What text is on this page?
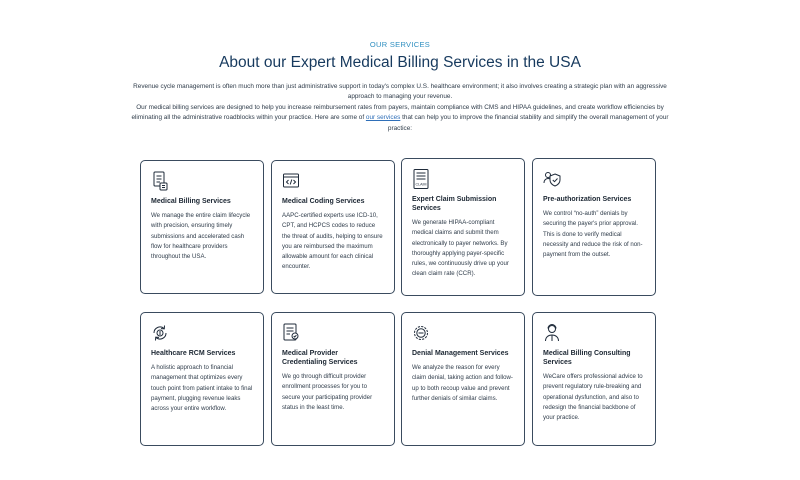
OUR SERVICES
About our Expert Medical Billing Services in the USA

Revenue cycle management is often much more than just administrative support in today's complex U.S. healthcare environment; it also involves creating a strategic plan with an aggressive approach to managing your revenue.

Our medical billing services are designed to help you increase reimbursement rates from payers, maintain compliance with CMS and HIPAA guidelines, and create workflow efficiencies by eliminating all the administrative roadblocks within your practice. Here are some of our services that can help you to improve the financial stability and simplify the overall management of your practice:

Medical Billing Services

We manage the entire claim lifecycle with precision, ensuring timely submissions and accelerated cash flow for healthcare providers throughout the USA.

Medical Coding Services

AAPC-certified experts use ICD-10, CPT, and HCPCS codes to reduce the threat of audits, helping to ensure you are reimbursed the maximum allowable amount for each clinical encounter.

CLAIM
Expert Claim Submission Services

We generate HIPAA-compliant medical claims and submit them electronically to payer networks. By thoroughly applying payer-specific rules, we continuously drive up your clean claim rate (CCR).

Pre-authorization Services

We control “no-auth” denials by securing the payer's prior approval. This is done to verify medical necessity and reduce the risk of non-payment from the outset.

Healthcare RCM Services

A holistic approach to financial management that optimizes every touch point from patient intake to final payment, plugging revenue leaks across your entire workflow.

Medical Provider Credentialing Services

We go through difficult provider enrollment processes for you to secure your participating provider status in the least time.

Denial Management Services

We analyze the reason for every claim denial, taking action and follow-up to both recoup value and prevent further denials of similar claims.

Medical Billing Consulting Services

WeCare offers professional advice to prevent regulatory rule-breaking and operational dysfunction, and also to redesign the financial backbone of your practice.
